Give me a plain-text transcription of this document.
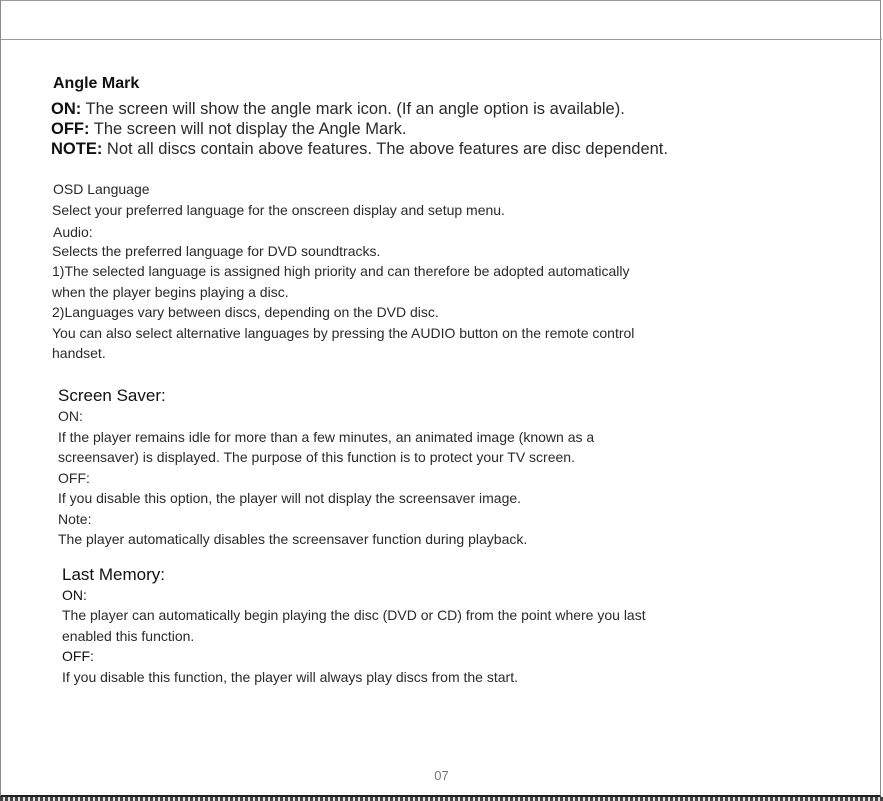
Angle Mark

ON: The screen will show the angle mark icon. (If an angle option is available).

OFF: The screen will not display the Angle Mark.

NOTE: Not all discs contain above features. The above features are disc dependent.

OSD Language

Select your preferred language for the onscreen display and setup menu.

Audio:

Selects the preferred language for DVD soundtracks.

1)The selected language is assigned high priority and can therefore be adopted automatically

when the player begins playing a disc.

2)Languages vary between discs, depending on the DVD disc.

You can also select alternative languages by pressing the AUDIO button on the remote control

handset.

Screen Saver:

ON:

If the player remains idle for more than a few minutes, an animated image (known as a

screensaver) is displayed. The purpose of this function is to protect your TV screen.

OFF:

If you disable this option, the player will not display the screensaver image.

Note:

The player automatically disables the screensaver function during playback.

Last Memory:

ON:

The player can automatically begin playing the disc (DVD or CD) from the point where you last

enabled this function.

OFF:

If you disable this function, the player will always play discs from the start.

07
